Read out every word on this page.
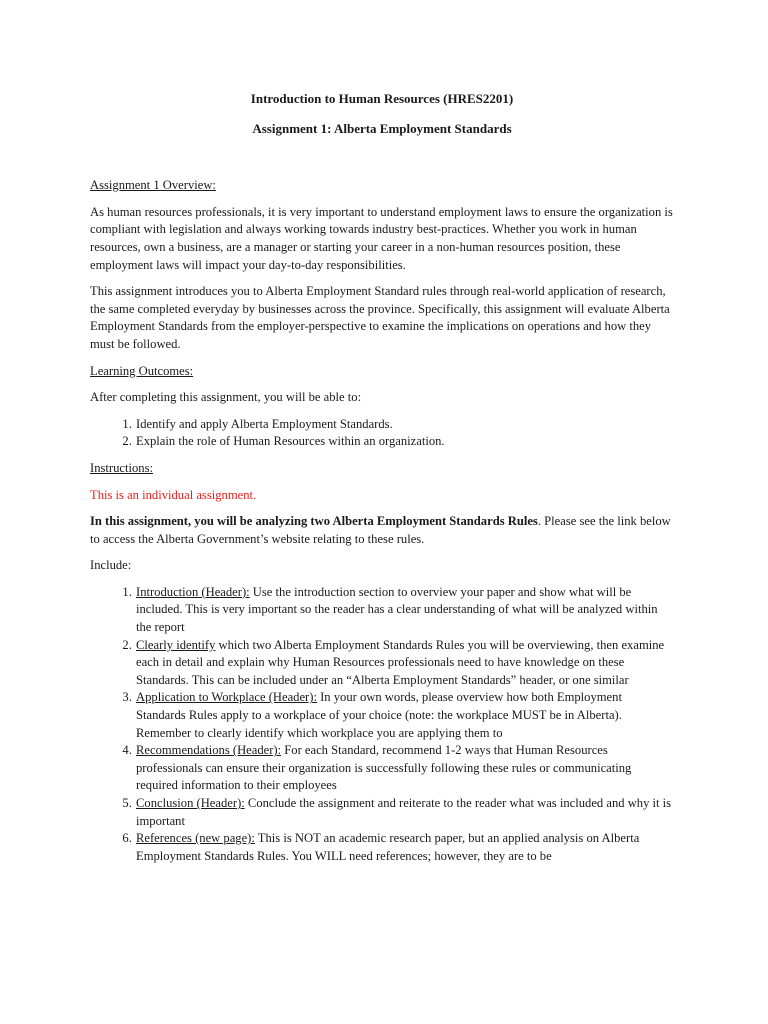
Introduction to Human Resources (HRES2201)

Assignment 1: Alberta Employment Standards

Assignment 1 Overview:

As human resources professionals, it is very important to understand employment laws to ensure the organization is compliant with legislation and always working towards industry best-practices. Whether you work in human resources, own a business, are a manager or starting your career in a non-human resources position, these employment laws will impact your day-to-day responsibilities.

This assignment introduces you to Alberta Employment Standard rules through real-world application of research, the same completed everyday by businesses across the province. Specifically, this assignment will evaluate Alberta Employment Standards from the employer-perspective to examine the implications on operations and how they must be followed.

Learning Outcomes:

After completing this assignment, you will be able to:

1. Identify and apply Alberta Employment Standards.
2. Explain the role of Human Resources within an organization.

Instructions:

This is an individual assignment.

In this assignment, you will be analyzing two Alberta Employment Standards Rules. Please see the link below to access the Alberta Government’s website relating to these rules.

Include:

1. Introduction (Header): Use the introduction section to overview your paper and show what will be included. This is very important so the reader has a clear understanding of what will be analyzed within the report
2. Clearly identify which two Alberta Employment Standards Rules you will be overviewing, then examine each in detail and explain why Human Resources professionals need to have knowledge on these Standards. This can be included under an “Alberta Employment Standards” header, or one similar
3. Application to Workplace (Header): In your own words, please overview how both Employment Standards Rules apply to a workplace of your choice (note: the workplace MUST be in Alberta). Remember to clearly identify which workplace you are applying them to
4. Recommendations (Header): For each Standard, recommend 1-2 ways that Human Resources professionals can ensure their organization is successfully following these rules or communicating required information to their employees
5. Conclusion (Header): Conclude the assignment and reiterate to the reader what was included and why it is important
6. References (new page): This is NOT an academic research paper, but an applied analysis on Alberta Employment Standards Rules. You WILL need references; however, they are to be
